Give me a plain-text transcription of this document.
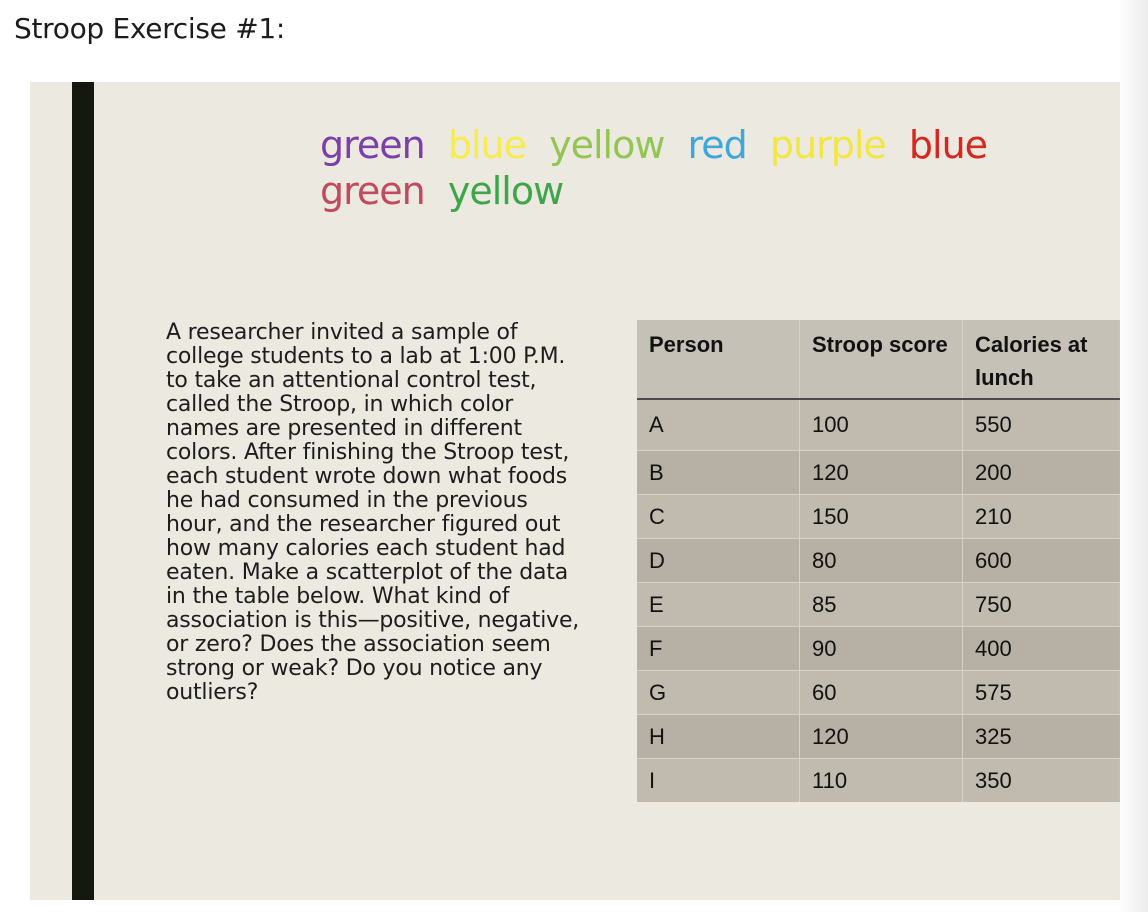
Stroop Exercise #1:
green blue yellow red purple blue
green yellow
A researcher invited a sample of college students to a lab at 1:00 P.M. to take an attentional control test, called the Stroop, in which color names are presented in different colors. After finishing the Stroop test, each student wrote down what foods he had consumed in the previous hour, and the researcher figured out how many calories each student had eaten. Make a scatterplot of the data in the table below. What kind of association is this—positive, negative, or zero? Does the association seem strong or weak? Do you notice any outliers?
Person	Stroop score	Calories at lunch
A	100	550
B	120	200
C	150	210
D	80	600
E	85	750
F	90	400
G	60	575
H	120	325
I	110	350
